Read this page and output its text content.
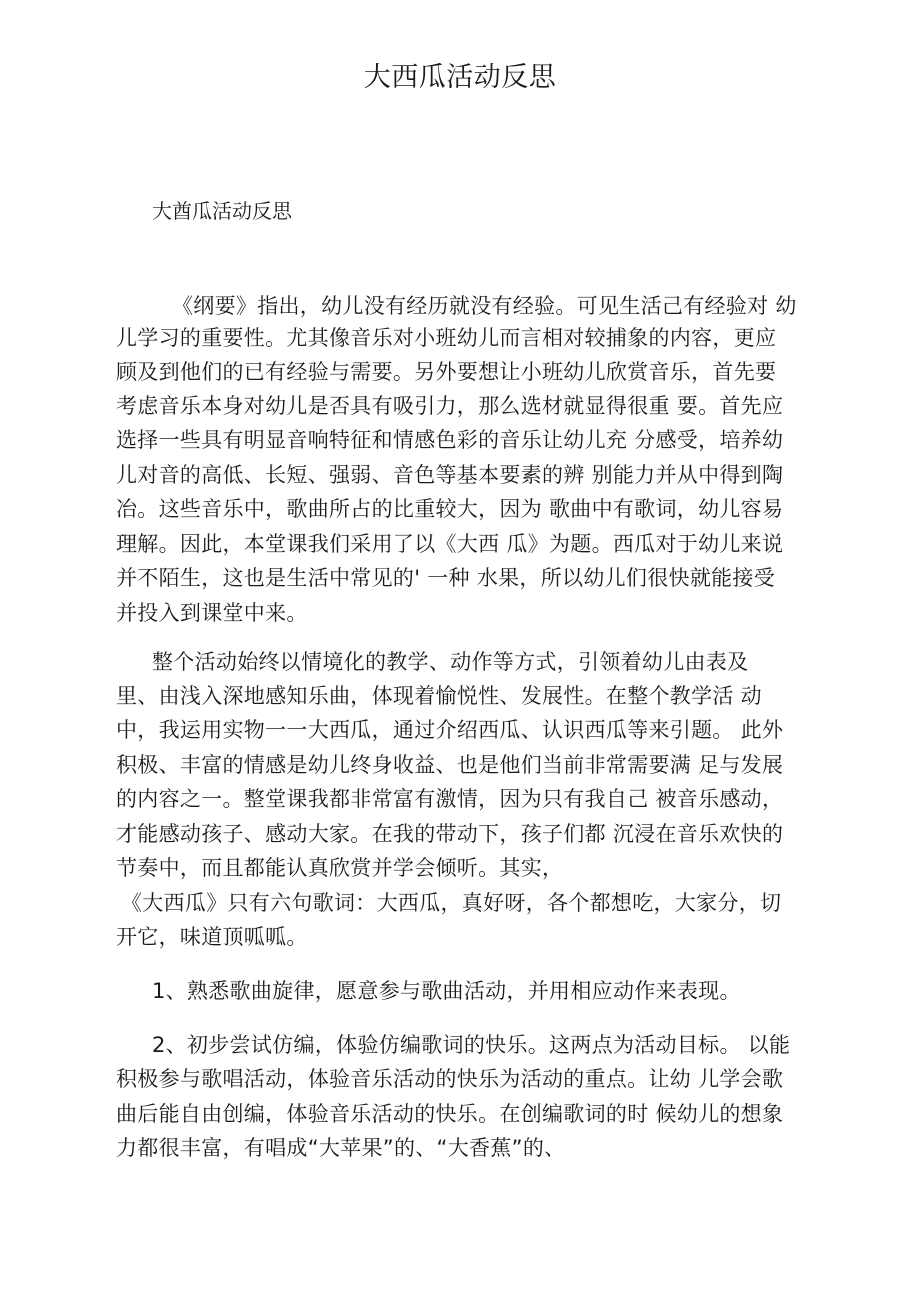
大西瓜活动反思
大酋瓜活动反思
《纲要》指出，幼儿没有经历就没有经验。可见生活己有经验对 幼
儿学习的重要性。尤其像音乐对小班幼儿而言相对较捕象的内容，更应
顾及到他们的已有经验与需要。另外要想让小班幼儿欣赏音乐，首先要
考虑音乐本身对幼儿是否具有吸引力，那么选材就显得很重 要。首先应
选择一些具有明显音响特征和情感色彩的音乐让幼儿充 分感受，培养幼
儿对音的高低、长短、强弱、音色等基本要素的辨 别能力并从中得到陶
冶。这些音乐中，歌曲所占的比重较大，因为 歌曲中有歌词，幼儿容易
理解。因此，本堂课我们采用了以《大西 瓜》为题。西瓜对于幼儿来说
并不陌生，这也是生活中常见的' 一种 水果，所以幼儿们很快就能接受
并投入到课堂中来。
整个活动始终以情境化的教学、动作等方式，引领着幼儿由表及
里、由浅入深地感知乐曲，体现着愉悦性、发展性。在整个教学活 动
中，我运用实物一一大西瓜，通过介绍西瓜、认识西瓜等来引题。 此外
积极、丰富的情感是幼儿终身收益、也是他们当前非常需要满 足与发展
的内容之一。整堂课我都非常富有激情，因为只有我自己 被音乐感动，
才能感动孩子、感动大家。在我的带动下，孩子们都 沉浸在音乐欢快的
节奏中，而且都能认真欣赏并学会倾听。其实，
《大西瓜》只有六句歌词：大西瓜，真好呀，各个都想吃，大家分，切
开它，味道顶呱呱。
1、熟悉歌曲旋律，愿意参与歌曲活动，并用相应动作来表现。
2、初步尝试仿编，体验仿编歌词的快乐。这两点为活动目标。 以能
积极参与歌唱活动，体验音乐活动的快乐为活动的重点。让幼 儿学会歌
曲后能自由创编，体验音乐活动的快乐。在创编歌词的时 候幼儿的想象
力都很丰富，有唱成“大苹果”的、“大香蕉”的、
